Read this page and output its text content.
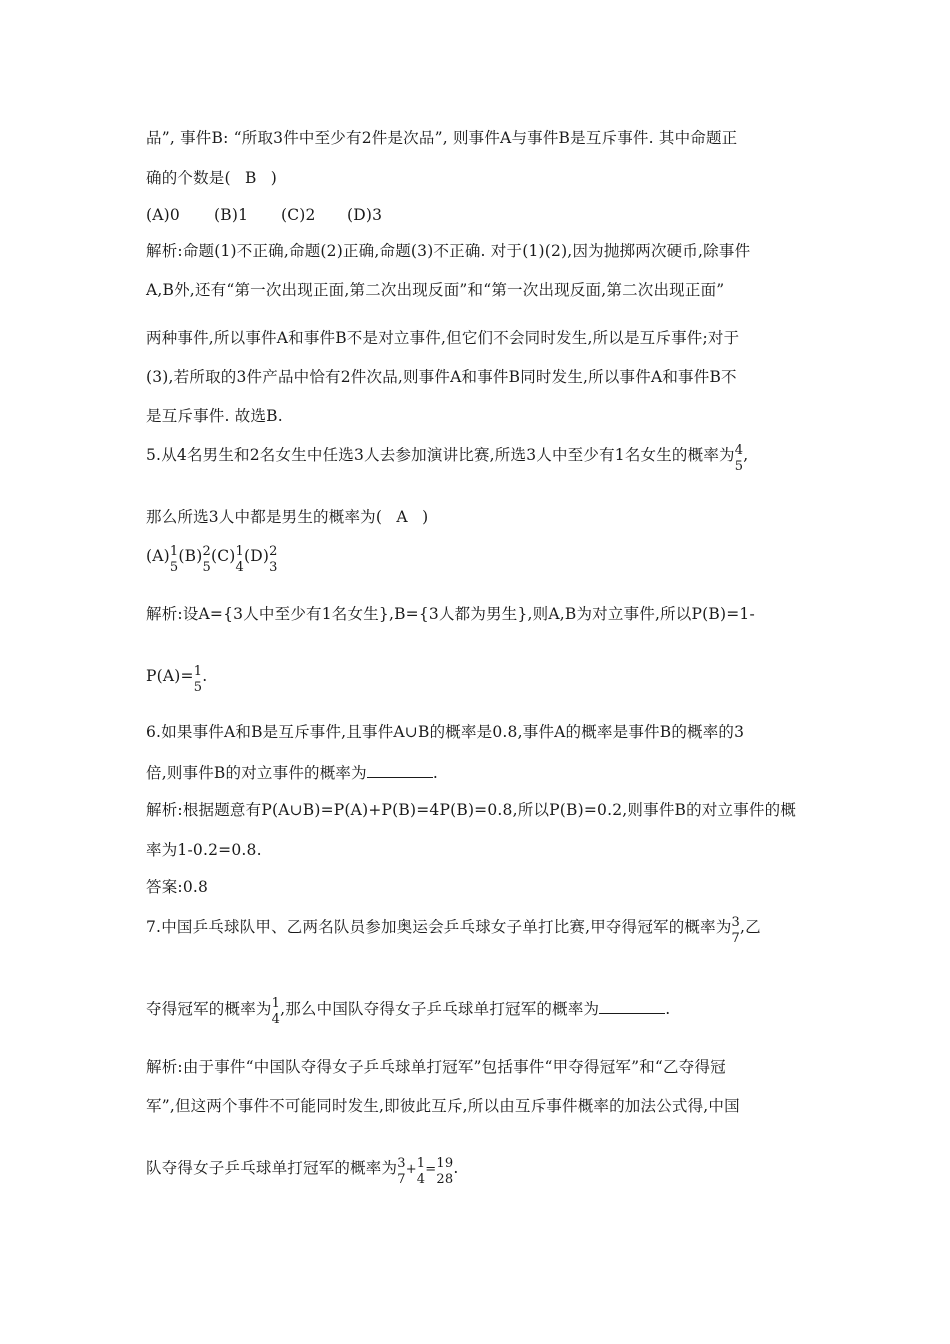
品”, 事件B: “所取3件中至少有2件是次品”, 则事件A与事件B是互斥事件. 其中命题正
确的个数是( B )
(A)0 (B)1 (C)2 (D)3
解析:命题(1)不正确,命题(2)正确,命题(3)不正确. 对于(1)(2),因为抛掷两次硬币,除事件
A,B外,还有“第一次出现正面,第二次出现反面”和“第一次出现反面,第二次出现正面”
两种事件,所以事件A和事件B不是对立事件,但它们不会同时发生,所以是互斥事件;对于
(3),若所取的3件产品中恰有2件次品,则事件A和事件B同时发生,所以事件A和事件B不
是互斥事件. 故选B.
5.从4名男生和2名女生中任选3人去参加演讲比赛,所选3人中至少有1名女生的概率为 4
5
,
那么所选3人中都是男生的概率为( A )
(A) 1
5
(B) 2
5
(C) 1
4
(D) 2
3
解析:设A={3人中至少有1名女生},B={3人都为男生},则A,B为对立事件,所以P(B)=1-
P(A)= 1
5
.
6.如果事件A和B是互斥事件,且事件A∪B的概率是0.8,事件A的概率是事件B的概率的3
倍,则事件B的对立事件的概率为	.
解析:根据题意有P(A∪B)=P(A)+P(B)=4P(B)=0.8,所以P(B)=0.2,则事件B的对立事件的概
率为1-0.2=0.8.
答案:0.8
7.中国乒乓球队甲、乙两名队员参加奥运会乒乓球女子单打比赛,甲夺得冠军的概率为 3
7
,乙
夺得冠军的概率为 1
4
,那么中国队夺得女子乒乓球单打冠军的概率为	.
解析:由于事件“中国队夺得女子乒乓球单打冠军”包括事件“甲夺得冠军”和“乙夺得冠
军”,但这两个事件不可能同时发生,即彼此互斥,所以由互斥事件概率的加法公式得,中国
队夺得女子乒乓球单打冠军的概率为 3
7
+ 1
4
= 19
28
.
